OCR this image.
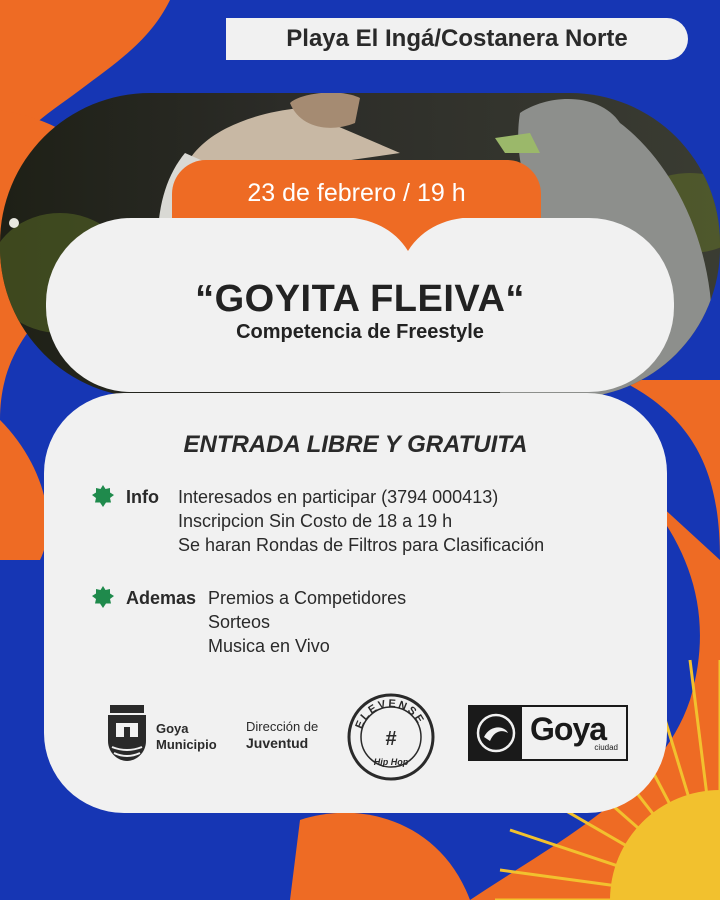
Playa El Ingá/Costanera Norte
23 de febrero / 19 h
“GOYITA FLEIVA“
Competencia de Freestyle
ENTRADA LIBRE Y GRATUITA
Info Interesados en participar (3794 000413)
Inscripcion Sin Costo de 18 a 19 h
Se haran Rondas de Filtros para Clasificación
Ademas Premios a Competidores
Sorteos
Musica en Vivo
Goya
Municipio
Dirección de
Juventud
ELEVENSE
#
Hip Hop
Goya
ciudad
